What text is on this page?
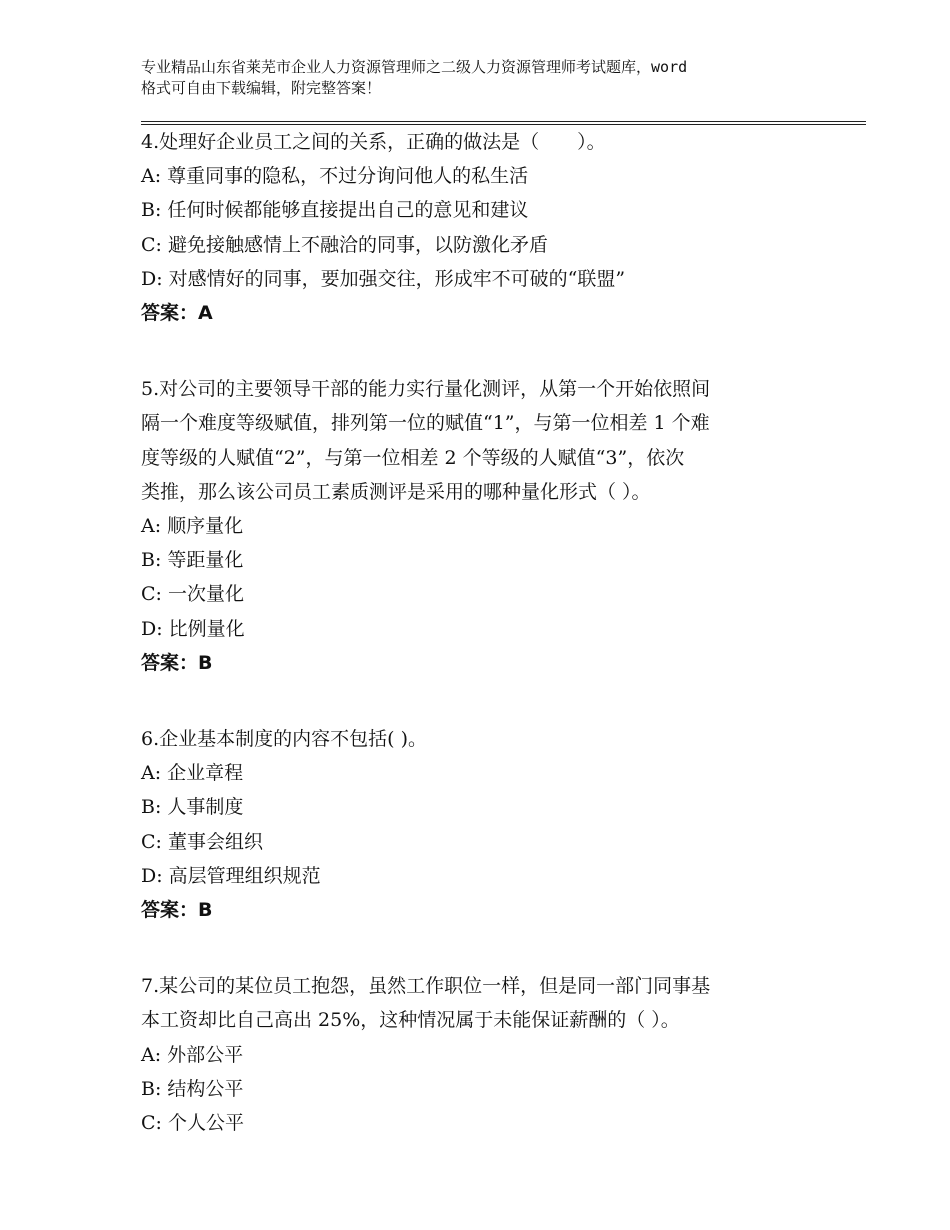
专业精品山东省莱芜市企业人力资源管理师之二级人力资源管理师考试题库，word
格式可自由下载编辑，附完整答案！
4.处理好企业员工之间的关系，正确的做法是（　　）。
A: 尊重同事的隐私，不过分询问他人的私生活
B: 任何时候都能够直接提出自己的意见和建议
C: 避免接触感情上不融洽的同事，以防激化矛盾
D: 对感情好的同事，要加强交往，形成牢不可破的“联盟”
答案：A
5.对公司的主要领导干部的能力实行量化测评，从第一个开始依照间
隔一个难度等级赋值，排列第一位的赋值“1”，与第一位相差 1 个难
度等级的人赋值“2”，与第一位相差 2 个等级的人赋值“3”，依次
类推，那么该公司员工素质测评是采用的哪种量化形式（ ）。
A: 顺序量化
B: 等距量化
C: 一次量化
D: 比例量化
答案：B
6.企业基本制度的内容不包括( )。
A: 企业章程
B: 人事制度
C: 董事会组织
D: 高层管理组织规范
答案：B
7.某公司的某位员工抱怨，虽然工作职位一样，但是同一部门同事基
本工资却比自己高出 25%，这种情况属于未能保证薪酬的（ ）。
A: 外部公平
B: 结构公平
C: 个人公平
